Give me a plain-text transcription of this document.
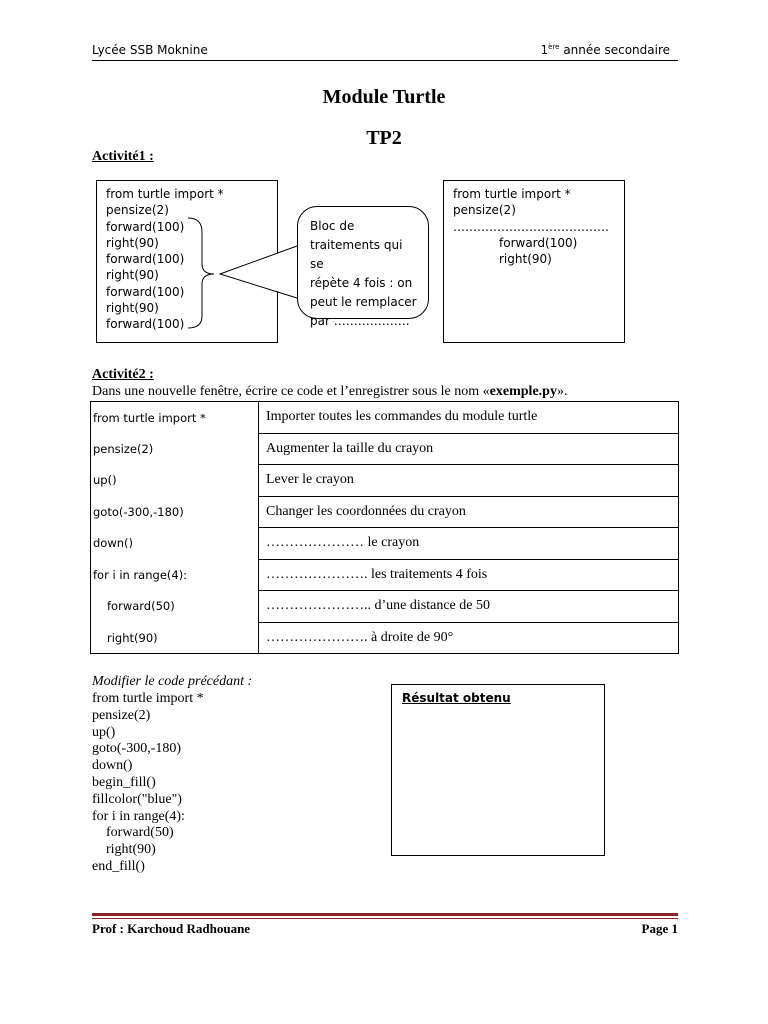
Lycée SSB Moknine	1ère année secondaire
Module Turtle
TP2
Activité1 :
from turtle import *
pensize(2)
forward(100)
right(90)
forward(100)
right(90)
forward(100)
right(90)
forward(100)
Bloc de
traitements qui se
répète 4 fois : on
peut le remplacer
par ……………….
from turtle import *
pensize(2)
…………………………………
forward(100)
right(90)
Activité2 :
Dans une nouvelle fenêtre, écrire ce code et l’enregistrer sous le nom «exemple.py».
from turtle import *	Importer toutes les commandes du module turtle
pensize(2)	Augmenter la taille du crayon
up()	Lever le crayon
goto(-300,-180)	Changer les coordonnées du crayon
down()	………………… le crayon
for i in range(4):	…………………. les traitements 4 fois
forward(50)	………………….. d’une distance de 50
right(90)	…………………. à droite de 90°
Modifier le code précédant :
from turtle import *
pensize(2)
up()
goto(-300,-180)
down()
begin_fill()
fillcolor("blue")
for i in range(4):
forward(50)
right(90)
end_fill()
Résultat obtenu
Prof : Karchoud Radhouane	Page 1
